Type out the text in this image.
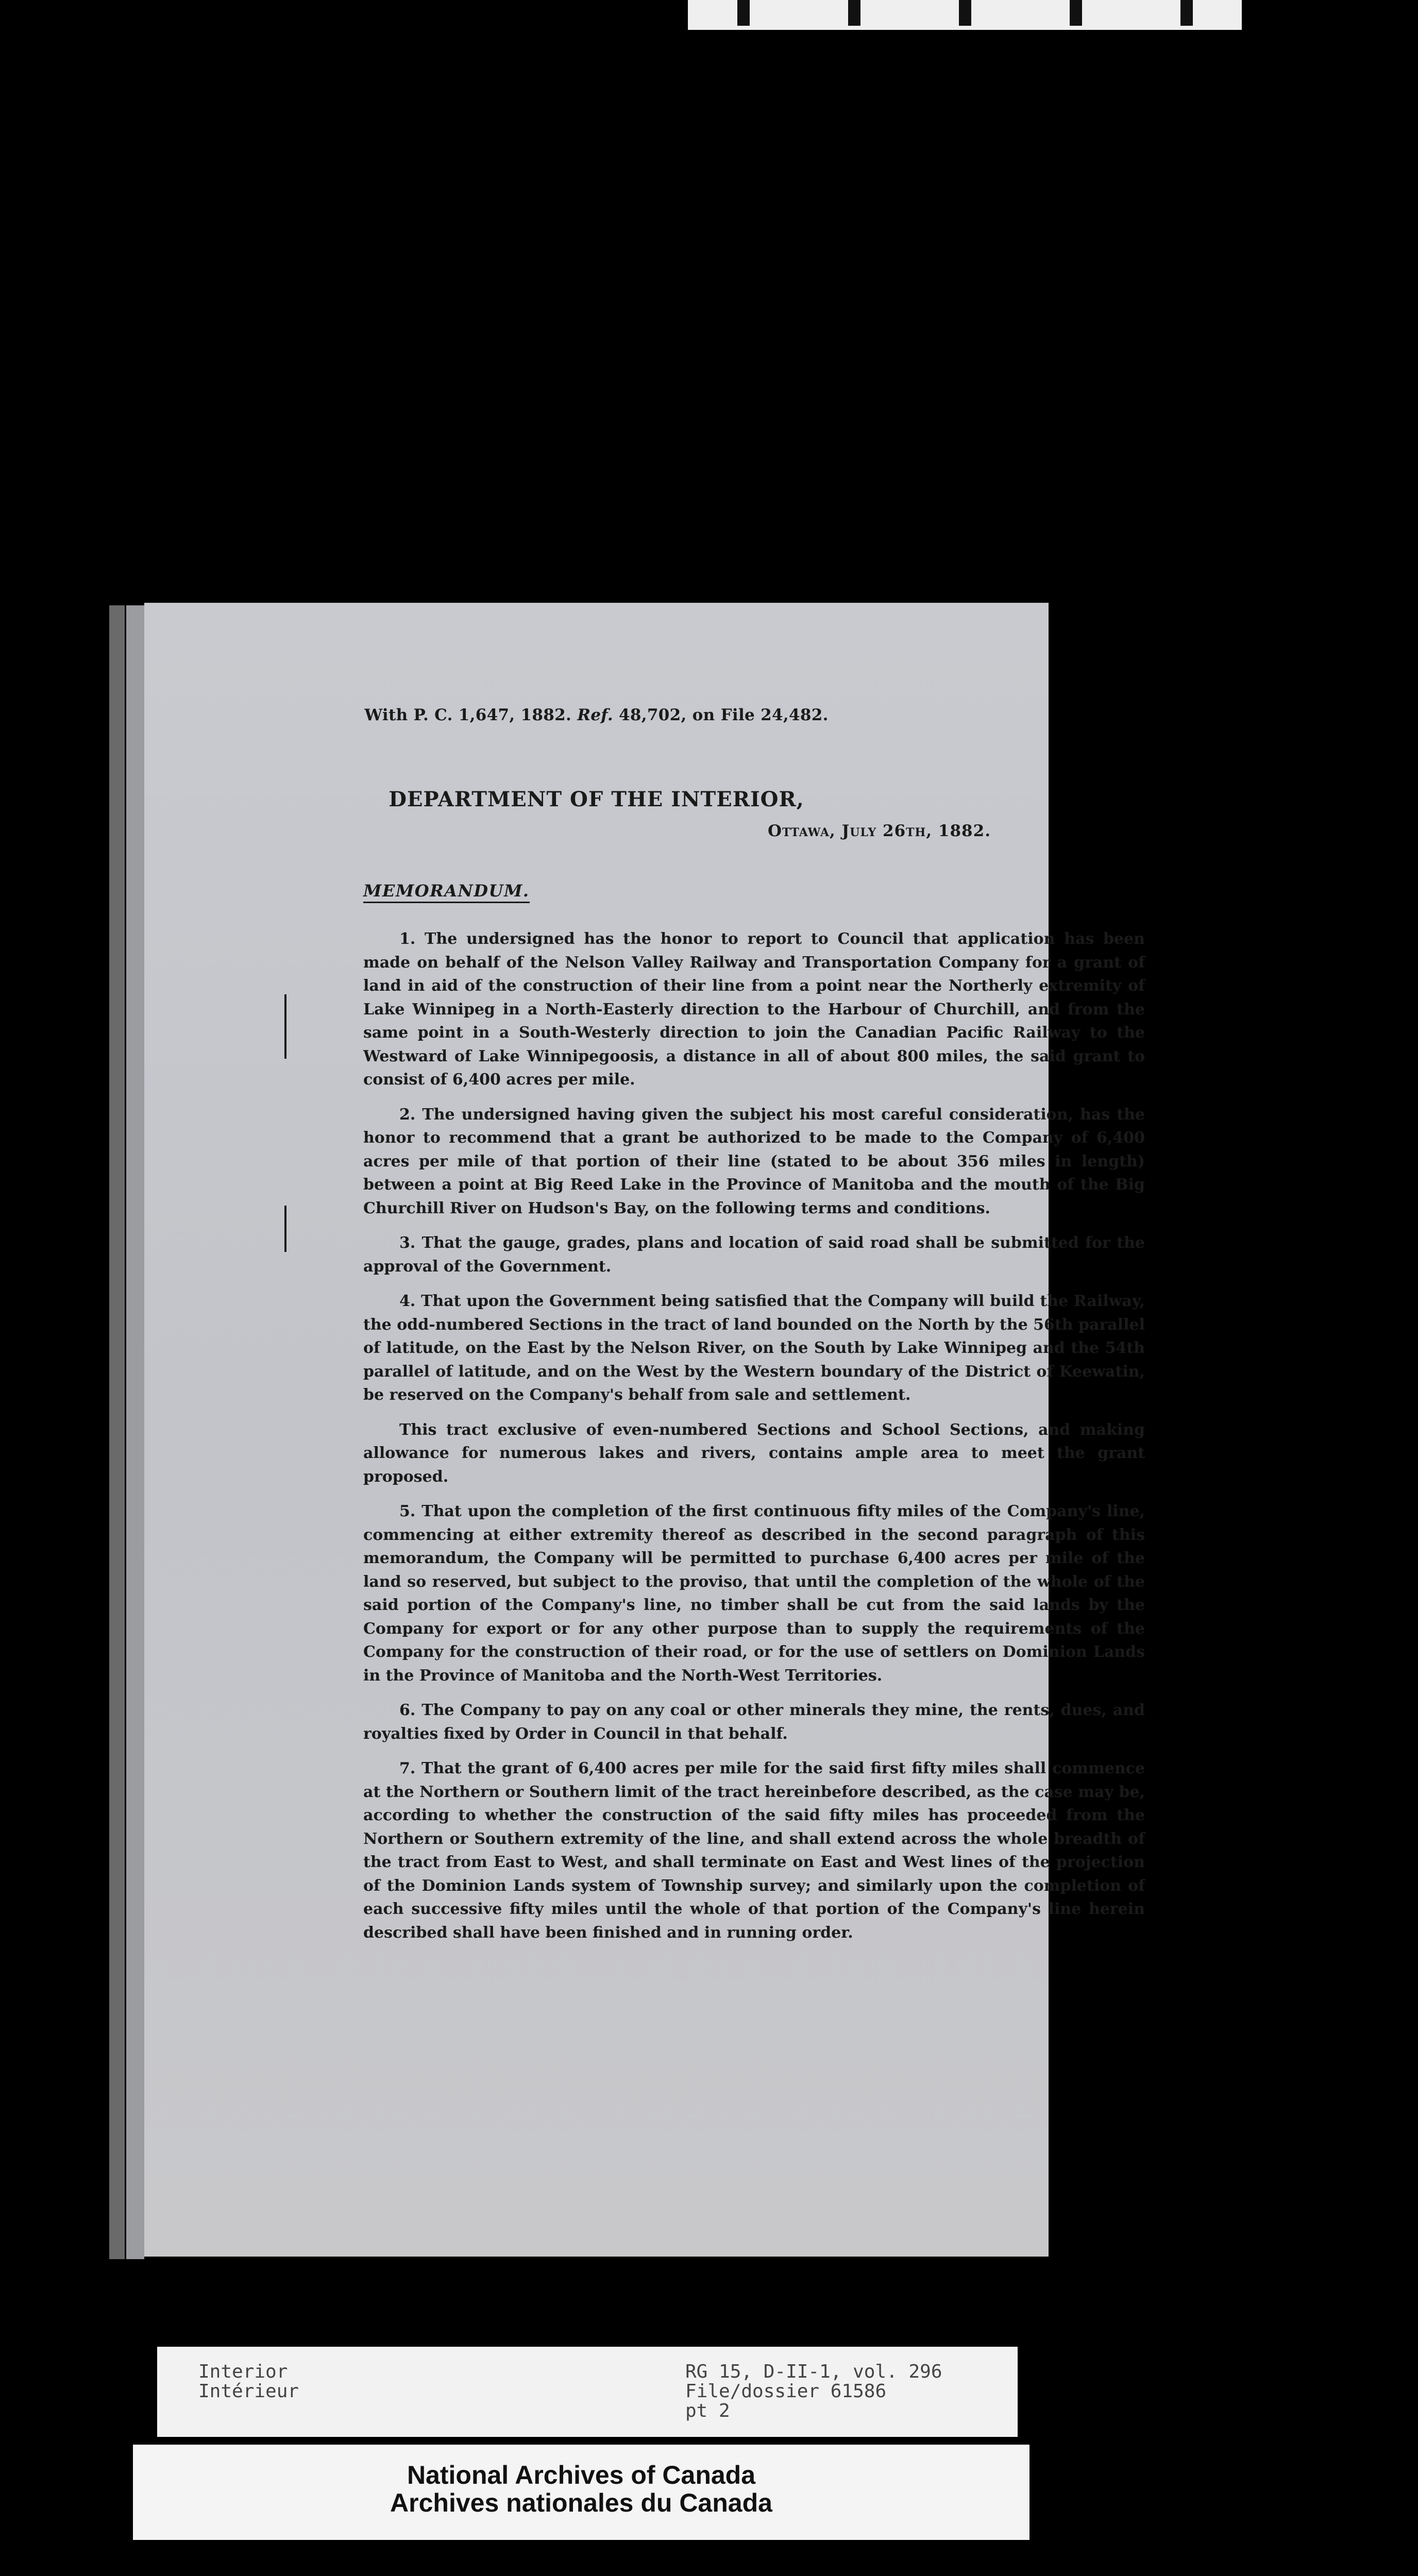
With P. C. 1,647, 1882. Ref. 48,702, on File 24,482.
DEPARTMENT OF THE INTERIOR,
Ottawa, July 26th, 1882.
MEMORANDUM.

1. The undersigned has the honor to report to Council that application has been made on behalf of the Nelson Valley Railway and Transportation Company for a grant of land in aid of the construction of their line from a point near the Northerly extremity of Lake Winnipeg in a North-Easterly direction to the Harbour of Churchill, and from the same point in a South-Westerly direction to join the Canadian Pacific Railway to the Westward of Lake Winnipegoosis, a distance in all of about 800 miles, the said grant to consist of 6,400 acres per mile.

2. The undersigned having given the subject his most careful consideration, has the honor to recommend that a grant be authorized to be made to the Company of 6,400 acres per mile of that portion of their line (stated to be about 356 miles in length) between a point at Big Reed Lake in the Province of Manitoba and the mouth of the Big Churchill River on Hudson's Bay, on the following terms and conditions.

3. That the gauge, grades, plans and location of said road shall be submitted for the approval of the Government.

4. That upon the Government being satisfied that the Company will build the Railway, the odd-numbered Sections in the tract of land bounded on the North by the 56th parallel of latitude, on the East by the Nelson River, on the South by Lake Winnipeg and the 54th parallel of latitude, and on the West by the Western boundary of the District of Keewatin, be reserved on the Company's behalf from sale and settlement.

This tract exclusive of even-numbered Sections and School Sections, and making allowance for numerous lakes and rivers, contains ample area to meet the grant proposed.

5. That upon the completion of the first continuous fifty miles of the Company's line, commencing at either extremity thereof as described in the second paragraph of this memorandum, the Company will be permitted to purchase 6,400 acres per mile of the land so reserved, but subject to the proviso, that until the completion of the whole of the said portion of the Company's line, no timber shall be cut from the said lands by the Company for export or for any other purpose than to supply the requirements of the Company for the construction of their road, or for the use of settlers on Dominion Lands in the Province of Manitoba and the North-West Territories.

6. The Company to pay on any coal or other minerals they mine, the rents, dues, and royalties fixed by Order in Council in that behalf.

7. That the grant of 6,400 acres per mile for the said first fifty miles shall commence at the Northern or Southern limit of the tract hereinbefore described, as the case may be, according to whether the construction of the said fifty miles has proceeded from the Northern or Southern extremity of the line, and shall extend across the whole breadth of the tract from East to West, and shall terminate on East and West lines of the projection of the Dominion Lands system of Township survey; and similarly upon the completion of each successive fifty miles until the whole of that portion of the Company's line herein described shall have been finished and in running order.

Interior
Intérieur
RG 15, D-II-1, vol. 296
File/dossier 61586
pt 2
National Archives of Canada
Archives nationales du Canada
